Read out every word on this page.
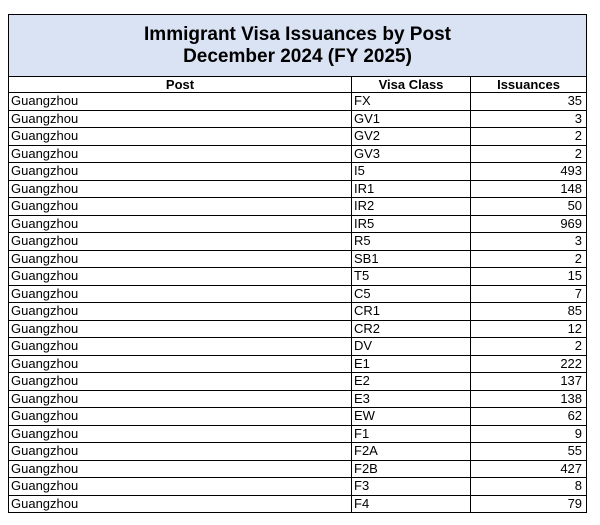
Immigrant Visa Issuances by Post
December 2024 (FY 2025)		

Post	Visa Class	Issuances
Guangzhou	FX	35
Guangzhou	GV1	3
Guangzhou	GV2	2
Guangzhou	GV3	2
Guangzhou	I5	493
Guangzhou	IR1	148
Guangzhou	IR2	50
Guangzhou	IR5	969
Guangzhou	R5	3
Guangzhou	SB1	2
Guangzhou	T5	15
Guangzhou	C5	7
Guangzhou	CR1	85
Guangzhou	CR2	12
Guangzhou	DV	2
Guangzhou	E1	222
Guangzhou	E2	137
Guangzhou	E3	138
Guangzhou	EW	62
Guangzhou	F1	9
Guangzhou	F2A	55
Guangzhou	F2B	427
Guangzhou	F3	8
Guangzhou	F4	79
